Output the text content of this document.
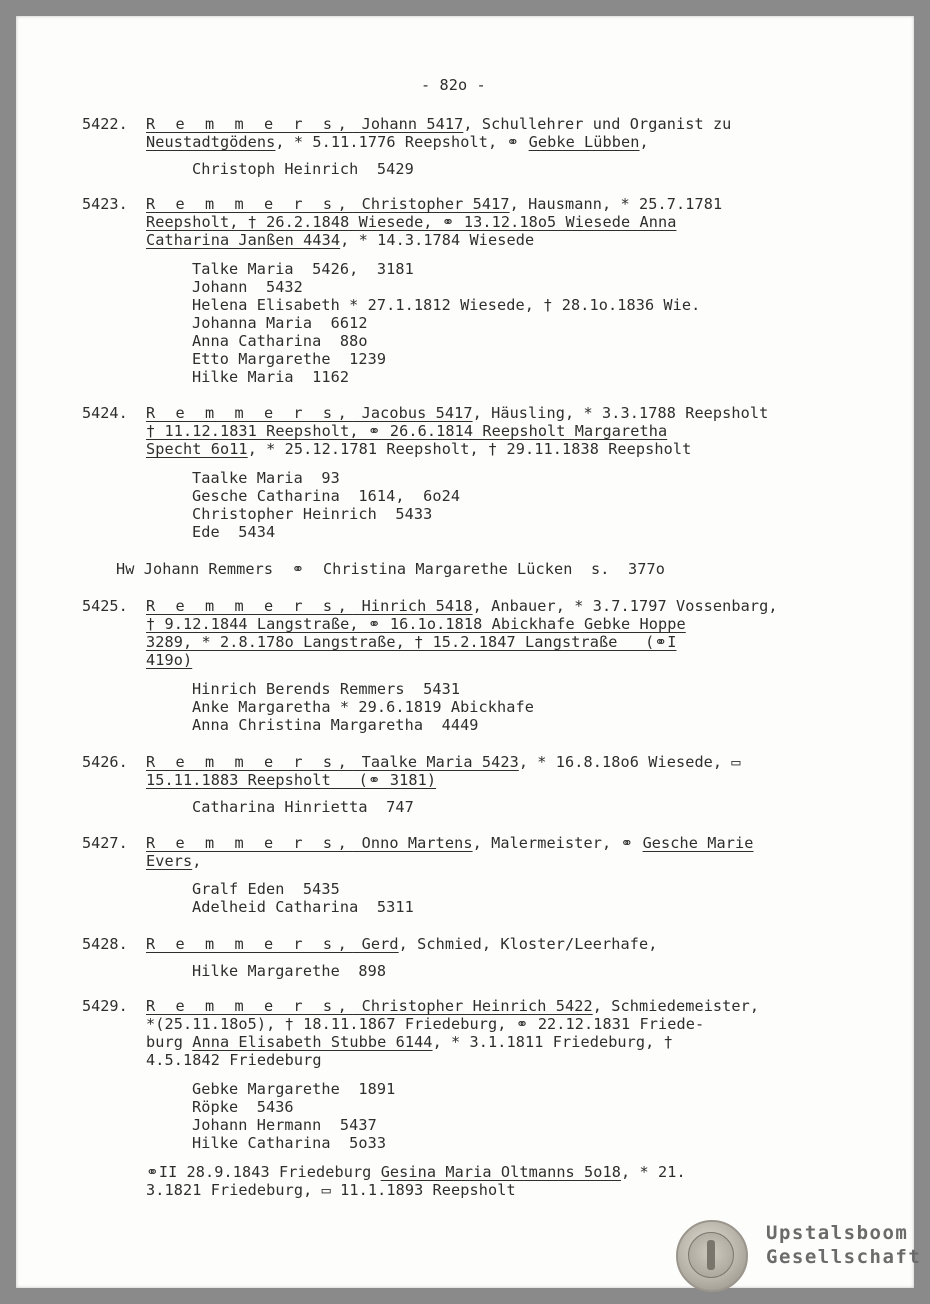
- 82o -
5422. R e m m e r s, Johann 5417, Schullehrer und Organist zu
Neustadtgödens, * 5.11.1776 Reepsholt, ⚭ Gebke Lübben,
Christoph Heinrich  5429
5423. R e m m e r s, Christopher 5417, Hausmann, * 25.7.1781
Reepsholt, † 26.2.1848 Wiesede, ⚭ 13.12.18o5 Wiesede Anna
Catharina Janßen 4434, * 14.3.1784 Wiesede
Talke Maria  5426,  3181
Johann  5432
Helena Elisabeth * 27.1.1812 Wiesede, † 28.1o.1836 Wie.
Johanna Maria  6612
Anna Catharina  88o
Etto Margarethe  1239
Hilke Maria  1162
5424. R e m m e r s, Jacobus 5417, Häusling, * 3.3.1788 Reepsholt
† 11.12.1831 Reepsholt, ⚭ 26.6.1814 Reepsholt Margaretha
Specht 6o11, * 25.12.1781 Reepsholt, † 29.11.1838 Reepsholt
Taalke Maria  93
Gesche Catharina  1614,  6o24
Christopher Heinrich  5433
Ede  5434
Hw Johann Remmers  ⚭  Christina Margarethe Lücken  s.  377o
5425. R e m m e r s, Hinrich 5418, Anbauer, * 3.7.1797 Vossenbarg,
† 9.12.1844 Langstraße, ⚭ 16.1o.1818 Abickhafe Gebke Hoppe
3289, * 2.8.178o Langstraße, † 15.2.1847 Langstraße   (⚭I
419o)
Hinrich Berends Remmers  5431
Anke Margaretha * 29.6.1819 Abickhafe
Anna Christina Margaretha  4449
5426. R e m m e r s, Taalke Maria 5423, * 16.8.18o6 Wiesede, ▭
15.11.1883 Reepsholt   (⚭ 3181)
Catharina Hinrietta  747
5427. R e m m e r s, Onno Martens, Malermeister, ⚭ Gesche Marie
Evers,
Gralf Eden  5435
Adelheid Catharina  5311
5428. R e m m e r s, Gerd, Schmied, Kloster/Leerhafe,
Hilke Margarethe  898
5429. R e m m e r s, Christopher Heinrich 5422, Schmiedemeister,
*(25.11.18o5), † 18.11.1867 Friedeburg, ⚭ 22.12.1831 Friede-
burg Anna Elisabeth Stubbe 6144, * 3.1.1811 Friedeburg, †
4.5.1842 Friedeburg
Gebke Margarethe  1891
Röpke  5436
Johann Hermann  5437
Hilke Catharina  5o33
⚭II 28.9.1843 Friedeburg Gesina Maria Oltmanns 5o18, * 21.
3.1821 Friedeburg, ▭ 11.1.1893 Reepsholt
Upstalsboom
Gesellschaft
